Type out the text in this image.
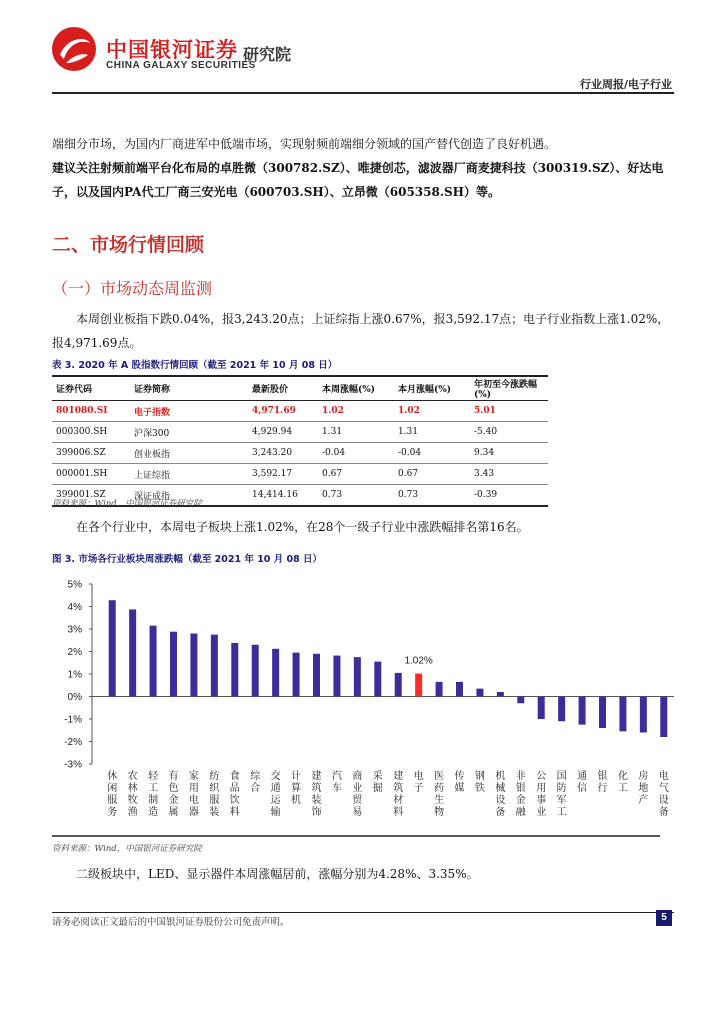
中国银河证券
CHINA GALAXY SECURITIES
研究院
行业周报/电子行业
端细分市场，为国内厂商进军中低端市场，实现射频前端细分领域的国产替代创造了良好机遇。
建议关注射频前端平台化布局的卓胜微（300782.SZ）、唯捷创芯，滤波器厂商麦捷科技（300319.SZ）、好达电子，以及国内PA代工厂商三安光电（600703.SH）、立昂微（605358.SH）等。
二、市场行情回顾
（一）市场动态周监测
本周创业板指下跌0.04%，报3,243.20点；上证综指上涨0.67%，报3,592.17点；电子行业指数上涨1.02%，报4,971.69点。
表 3. 2020 年 A 股指数行情回顾（截至 2021 年 10 月 08 日）
证券代码	证券简称	最新股价	本周涨幅(%)	本月涨幅(%)	年初至今涨跌幅(%)
801080.SI	电子指数	4,971.69	1.02	1.02	5.01
000300.SH	沪深300	4,929.94	1.31	1.31	-5.40
399006.SZ	创业板指	3,243.20	-0.04	-0.04	9.34
000001.SH	上证综指	3,592.17	0.67	0.67	3.43
399001.SZ	深证成指	14,414.16	0.73	0.73	-0.39
资料来源：Wind，中国银河证券研究院
在各个行业中，本周电子板块上涨1.02%，在28个一级子行业中涨跌幅排名第16名。
图 3. 市场各行业板块周涨跌幅（截至 2021 年 10 月 08 日）
5%
4%
3%
2%
1%
0%
-1%
-2%
-3%
休闲服务
农林牧渔
轻工制造
有色金属
家用电器
纺织服装
食品饮料
综合
交通运输
计算机
建筑装饰
汽车
商业贸易
采掘
建筑材料
1.02%
电子
医药生物
传媒
钢铁
机械设备
非银金融
公用事业
国防军工
通信
银行
化工
房地产
电气设备
资料来源：Wind，中国银河证券研究院
二级板块中，LED、显示器件本周涨幅居前，涨幅分别为4.28%、3.35%。
请务必阅读正文最后的中国银河证券股份公司免责声明。	5
